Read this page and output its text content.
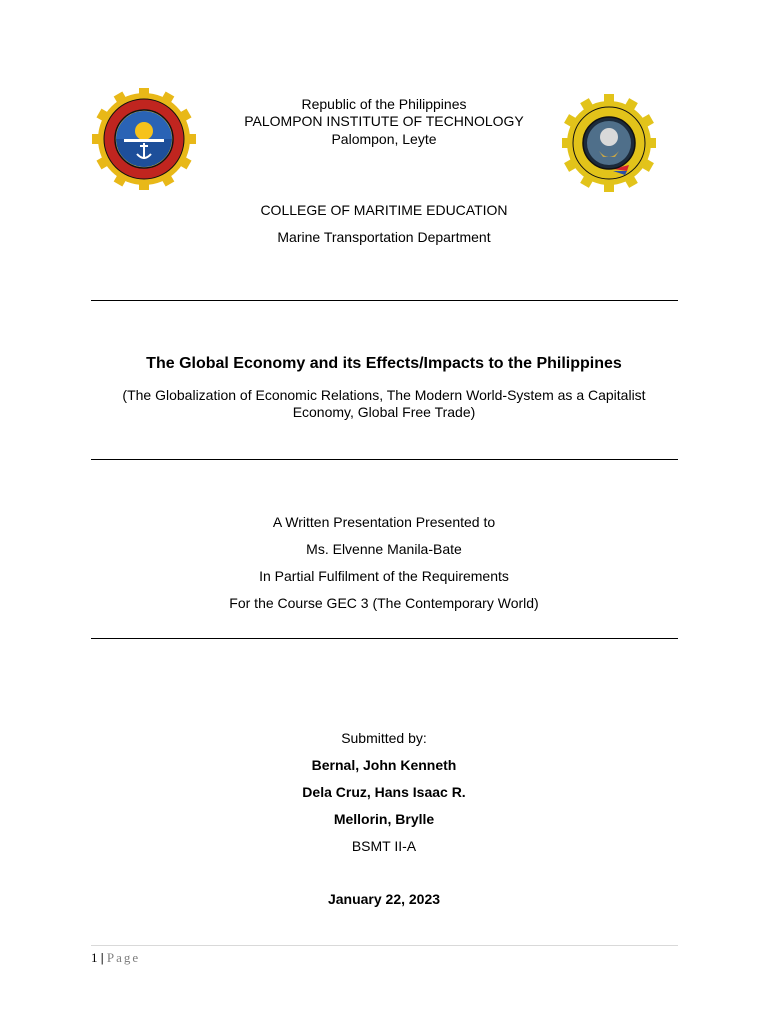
Republic of the Philippines
PALOMPON INSTITUTE OF TECHNOLOGY
Palompon, Leyte
COLLEGE OF MARITIME EDUCATION
Marine Transportation Department
The Global Economy and its Effects/Impacts to the Philippines
(The Globalization of Economic Relations, The Modern World-System as a Capitalist
Economy, Global Free Trade)
A Written Presentation Presented to
Ms. Elvenne Manila-Bate
In Partial Fulfilment of the Requirements
For the Course GEC 3 (The Contemporary World)
Submitted by:
Bernal, John Kenneth
Dela Cruz, Hans Isaac R.
Mellorin, Brylle
BSMT II-A
January 22, 2023
1 | Page
